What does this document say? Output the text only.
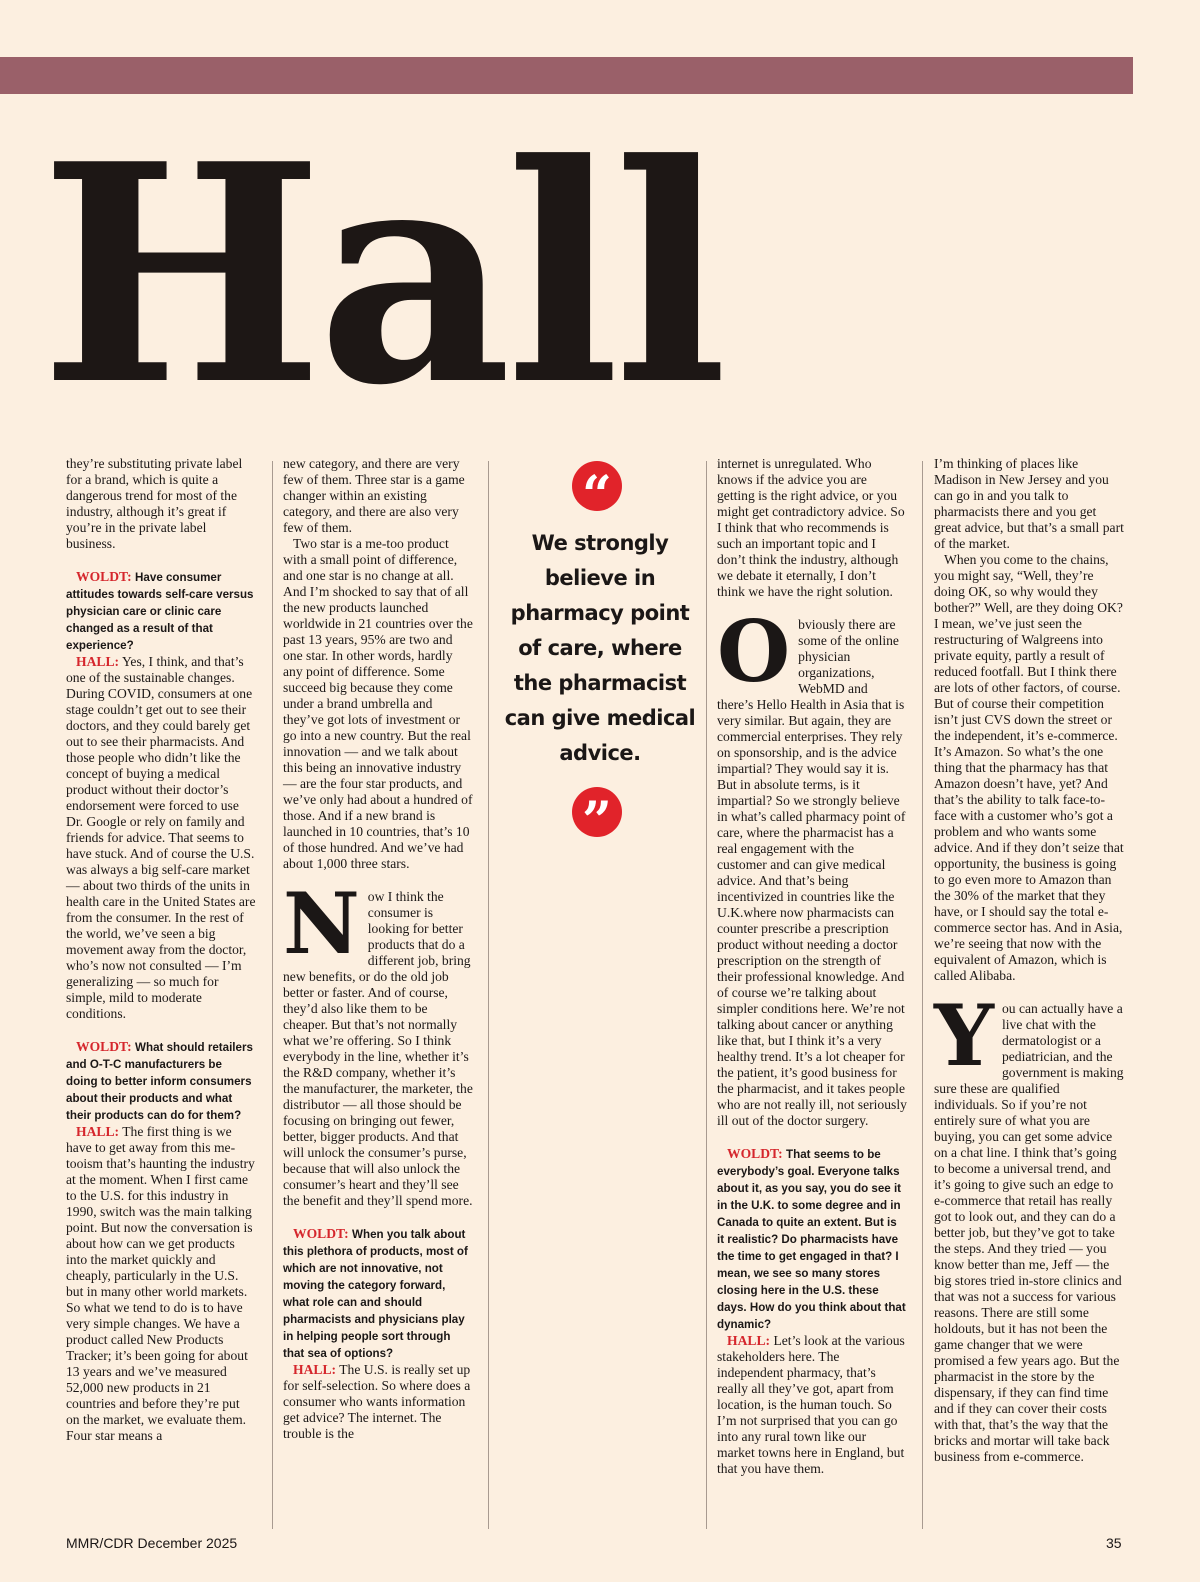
Hall

they’re substituting private label for a brand, which is quite a dangerous trend for most of the industry, although it’s great if you’re in the private label business.

WOLDT: Have consumer attitudes towards self-care versus physician care or clinic care changed as a result of that experience?

HALL: Yes, I think, and that’s one of the sustainable changes. During COVID, consumers at one stage couldn’t get out to see their doctors, and they could barely get out to see their pharmacists. And those people who didn’t like the concept of buying a medical product without their doctor’s endorsement were forced to use Dr. Google or rely on family and friends for advice. That seems to have stuck. And of course the U.S. was always a big self-care market — about two thirds of the units in health care in the United States are from the consumer. In the rest of the world, we’ve seen a big movement away from the doctor, who’s now not consulted — I’m generalizing — so much for simple, mild to moderate conditions.

WOLDT: What should retailers and O-T-C manufacturers be doing to better inform consumers about their products and what their products can do for them?

HALL: The first thing is we have to get away from this me-tooism that’s haunting the industry at the moment. When I first came to the U.S. for this industry in 1990, switch was the main talking point. But now the conversation is about how can we get products into the market quickly and cheaply, particularly in the U.S. but in many other world markets. So what we tend to do is to have very simple changes. We have a product called New Products Tracker; it’s been going for about 13 years and we’ve measured 52,000 new products in 21 countries and before they’re put on the market, we evaluate them. Four star means a

new category, and there are very few of them. Three star is a game changer within an existing category, and there are also very few of them.

Two star is a me-too product with a small point of difference, and one star is no change at all. And I’m shocked to say that of all the new products launched worldwide in 21 countries over the past 13 years, 95% are two and one star. In other words, hardly any point of difference. Some succeed big because they come under a brand umbrella and they’ve got lots of investment or go into a new country. But the real innovation — and we talk about this being an innovative industry — are the four star products, and we’ve only had about a hundred of those. And if a new brand is launched in 10 countries, that’s 10 of those hundred. And we’ve had about 1,000 three stars.

Now I think the consumer is looking for better products that do a different job, bring new benefits, or do the old job better or faster. And of course, they’d also like them to be cheaper. But that’s not normally what we’re offering. So I think everybody in the line, whether it’s the R&D company, whether it’s the manufacturer, the marketer, the distributor — all those should be focusing on bringing out fewer, better, bigger products. And that will unlock the consumer’s purse, because that will also unlock the consumer’s heart and they’ll see the benefit and they’ll spend more.

WOLDT: When you talk about this plethora of products, most of which are not innovative, not moving the category forward, what role can and should pharmacists and physicians play in helping people sort through that sea of options?

HALL: The U.S. is really set up for self-selection. So where does a consumer who wants information get advice? The internet. The trouble is the

“
We strongly believe in pharmacy point of care, where the pharmacist can give medical advice.
”

internet is unregulated. Who knows if the advice you are getting is the right advice, or you might get contradictory advice. So I think that who recommends is such an important topic and I don’t think the industry, although we debate it eternally, I don’t think we have the right solution.

Obviously there are some of the online physician organizations, WebMD and there’s Hello Health in Asia that is very similar. But again, they are commercial enterprises. They rely on sponsorship, and is the advice impartial? They would say it is. But in absolute terms, is it impartial? So we strongly believe in what’s called pharmacy point of care, where the pharmacist has a real engagement with the customer and can give medical advice. And that’s being incentivized in countries like the U.K.where now pharmacists can counter prescribe a prescription product without needing a doctor prescription on the strength of their professional knowledge. And of course we’re talking about simpler conditions here. We’re not talking about cancer or anything like that, but I think it’s a very healthy trend. It’s a lot cheaper for the patient, it’s good business for the pharmacist, and it takes people who are not really ill, not seriously ill out of the doctor surgery.

WOLDT: That seems to be everybody’s goal. Everyone talks about it, as you say, you do see it in the U.K. to some degree and in Canada to quite an extent. But is it realistic? Do pharmacists have the time to get engaged in that? I mean, we see so many stores closing here in the U.S. these days. How do you think about that dynamic?

HALL: Let’s look at the various stakeholders here. The independent pharmacy, that’s really all they’ve got, apart from location, is the human touch. So I’m not surprised that you can go into any rural town like our market towns here in England, but that you have them.

I’m thinking of places like Madison in New Jersey and you can go in and you talk to pharmacists there and you get great advice, but that’s a small part of the market.

When you come to the chains, you might say, “Well, they’re doing OK, so why would they bother?” Well, are they doing OK? I mean, we’ve just seen the restructuring of Walgreens into private equity, partly a result of reduced footfall. But I think there are lots of other factors, of course. But of course their competition isn’t just CVS down the street or the independent, it’s e-commerce. It’s Amazon. So what’s the one thing that the pharmacy has that Amazon doesn’t have, yet? And that’s the ability to talk face-to-face with a customer who’s got a problem and who wants some advice. And if they don’t seize that opportunity, the business is going to go even more to Amazon than the 30% of the market that they have, or I should say the total e-commerce sector has. And in Asia, we’re seeing that now with the equivalent of Amazon, which is called Alibaba.

You can actually have a live chat with the dermatologist or a pediatrician, and the government is making sure these are qualified individuals. So if you’re not entirely sure of what you are buying, you can get some advice on a chat line. I think that’s going to become a universal trend, and it’s going to give such an edge to e-commerce that retail has really got to look out, and they can do a better job, but they’ve got to take the steps. And they tried — you know better than me, Jeff — the big stores tried in-store clinics and that was not a success for various reasons. There are still some holdouts, but it has not been the game changer that we were promised a few years ago. But the pharmacist in the store by the dispensary, if they can find time and if they can cover their costs with that, that’s the way that the bricks and mortar will take back business from e-commerce.

MMR/CDR December 2025	35
